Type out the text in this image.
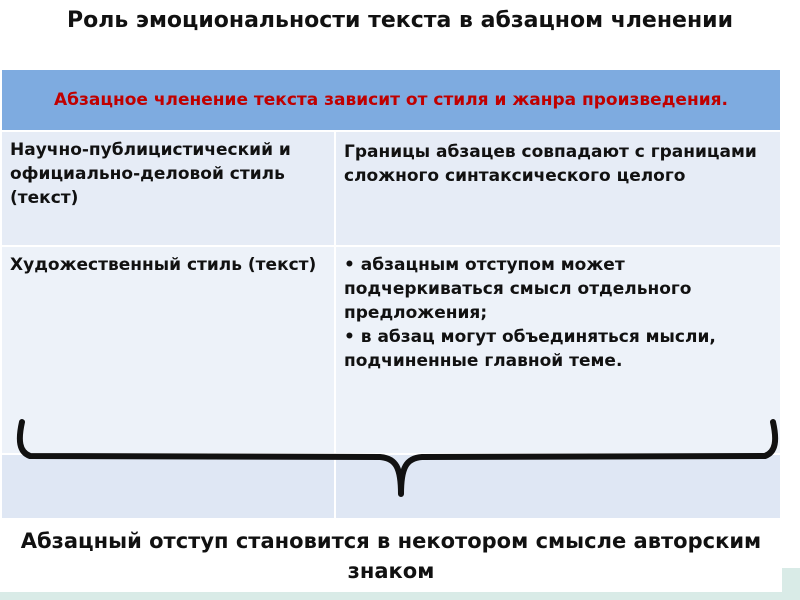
Роль эмоциональности текста в абзацном членении
Абзацное членение текста зависит от стиля и жанра произведения.
Научно-публицистический и официально-деловой стиль (текст)
Границы абзацев совпадают с границами сложного синтаксического целого
Художественный стиль (текст)	• абзацным отступом может подчеркиваться смысл отдельного предложения;

• в абзац могут объединяться мысли, подчиненные главной теме.

Абзацный отступ становится в некотором смысле авторским знаком
